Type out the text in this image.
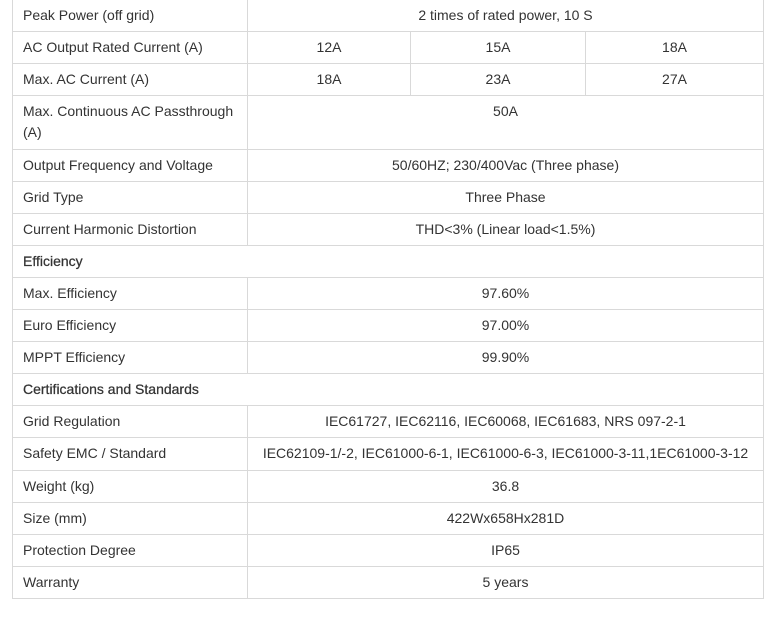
Peak Power (off grid)	2 times of rated power, 10 S		
AC Output Rated Current (A)	12A	15A	18A
Max. AC Current (A)	18A	23A	27A
Max. Continuous AC Passthrough (A)	50A		
Output Frequency and Voltage	50/60HZ; 230/400Vac (Three phase)		
Grid Type	Three Phase		
Current Harmonic Distortion	THD<3% (Linear load<1.5%)		
Efficiency			
Max. Efficiency	97.60%		
Euro Efficiency	97.00%		
MPPT Efficiency	99.90%		
Certifications and Standards			
Grid Regulation	IEC61727, IEC62116, IEC60068, IEC61683, NRS 097-2-1		
Safety EMC / Standard	IEC62109-1/-2, IEC61000-6-1, IEC61000-6-3, IEC61000-3-11,1EC61000-3-12		
Weight (kg)	36.8		
Size (mm)	422Wx658Hx281D		
Protection Degree	IP65		
Warranty	5 years		
